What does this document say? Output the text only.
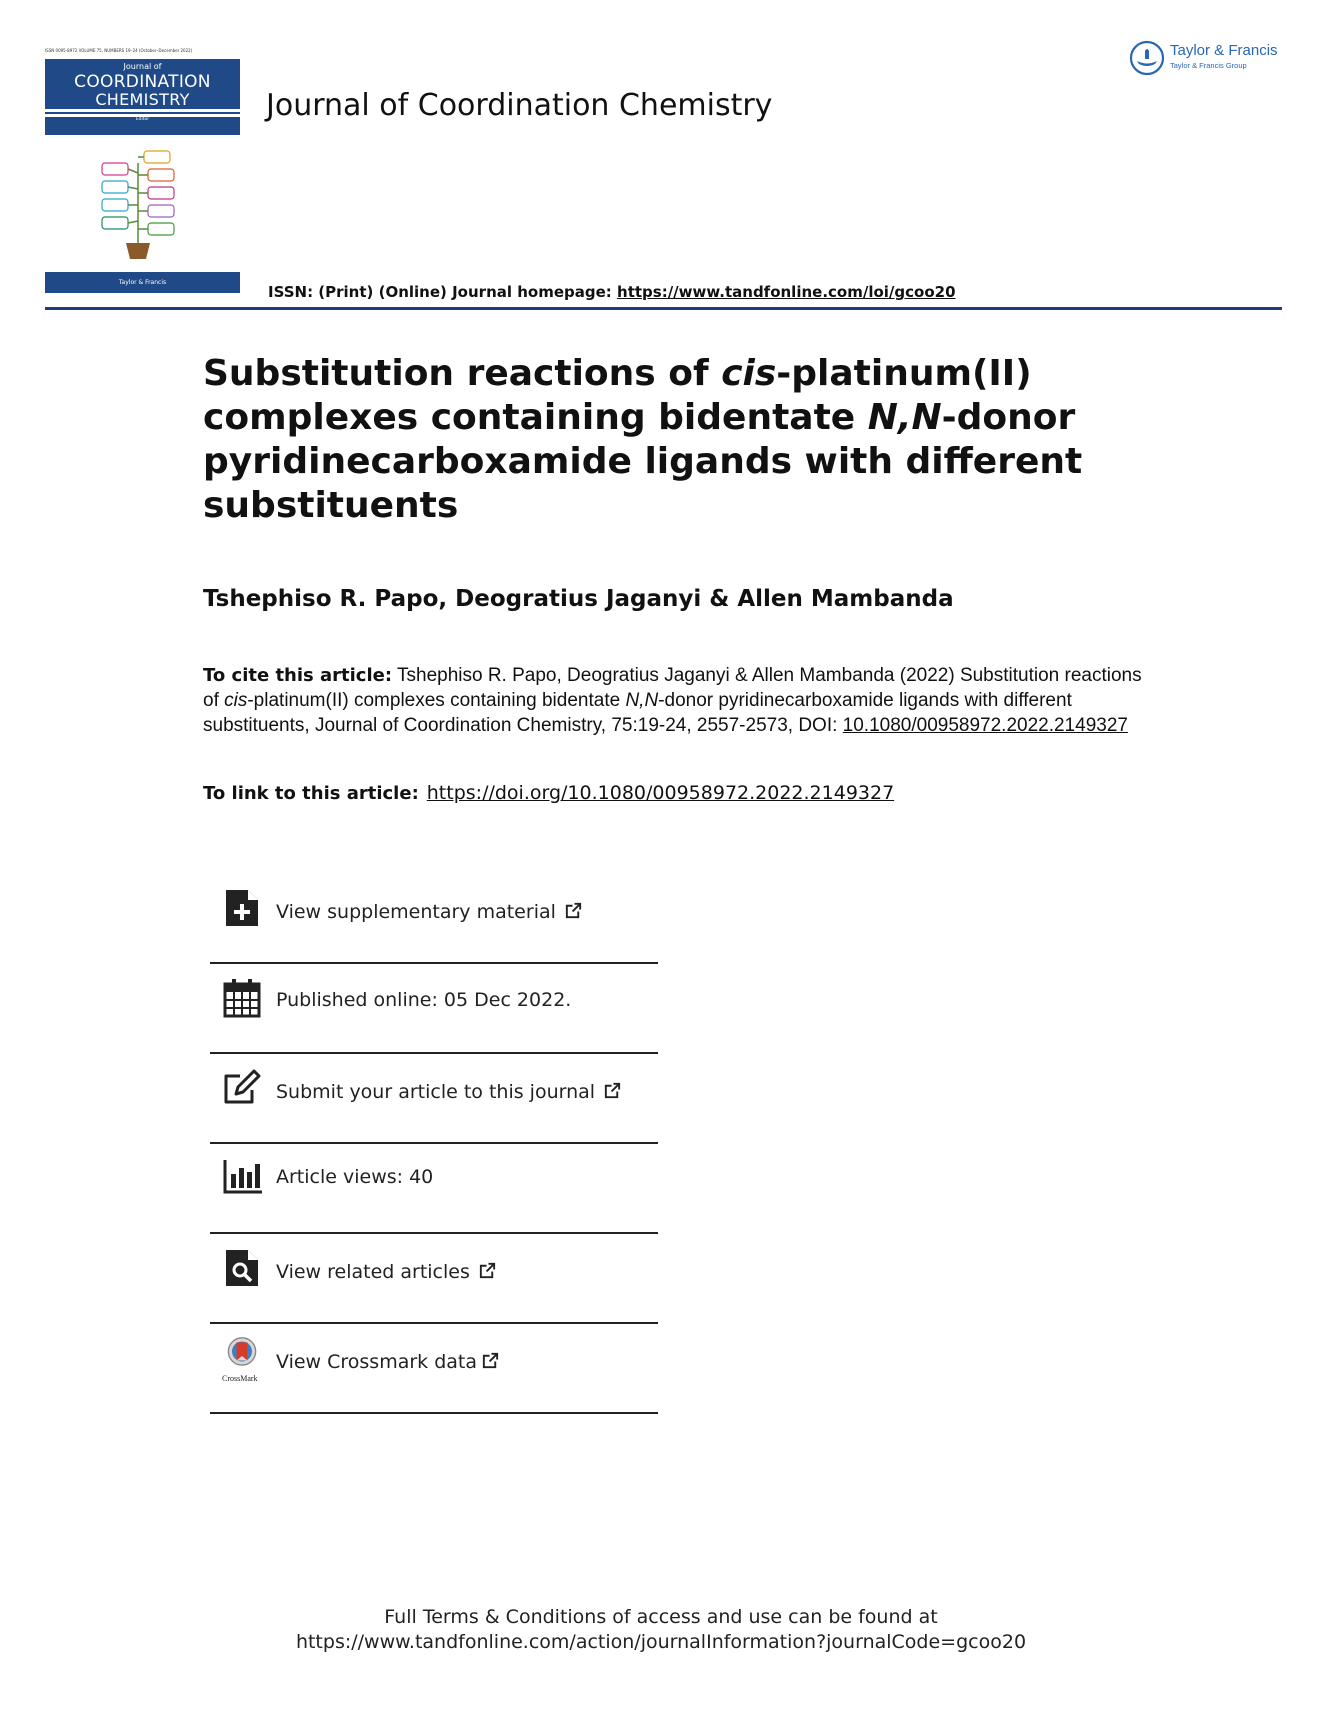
ISSN 0095-8972 VOLUME 75, NUMBERS 19–24 (October–December 2022)
Journal of
COORDINATION
CHEMISTRY
Editor
Taylor & Francis
Journal of Coordination Chemistry
Taylor & Francis
Taylor & Francis Group
ISSN: (Print) (Online) Journal homepage: https://www.tandfonline.com/loi/gcoo20
Substitution reactions of cis-platinum(II) complexes containing bidentate N,N-donor pyridinecarboxamide ligands with different substituents
Tshephiso R. Papo, Deogratius Jaganyi & Allen Mambanda
To cite this article: Tshephiso R. Papo, Deogratius Jaganyi & Allen Mambanda (2022) Substitution reactions of cis-platinum(II) complexes containing bidentate N,N-donor pyridinecarboxamide ligands with different substituents, Journal of Coordination Chemistry, 75:19-24, 2557-2573, DOI: 10.1080/00958972.2022.2149327
To link to this article: https://doi.org/10.1080/00958972.2022.2149327
View supplementary material
Published online: 05 Dec 2022.
Submit your article to this journal
Article views: 40
View related articles
CrossMark
View Crossmark data
Full Terms & Conditions of access and use can be found at
https://www.tandfonline.com/action/journalInformation?journalCode=gcoo20
